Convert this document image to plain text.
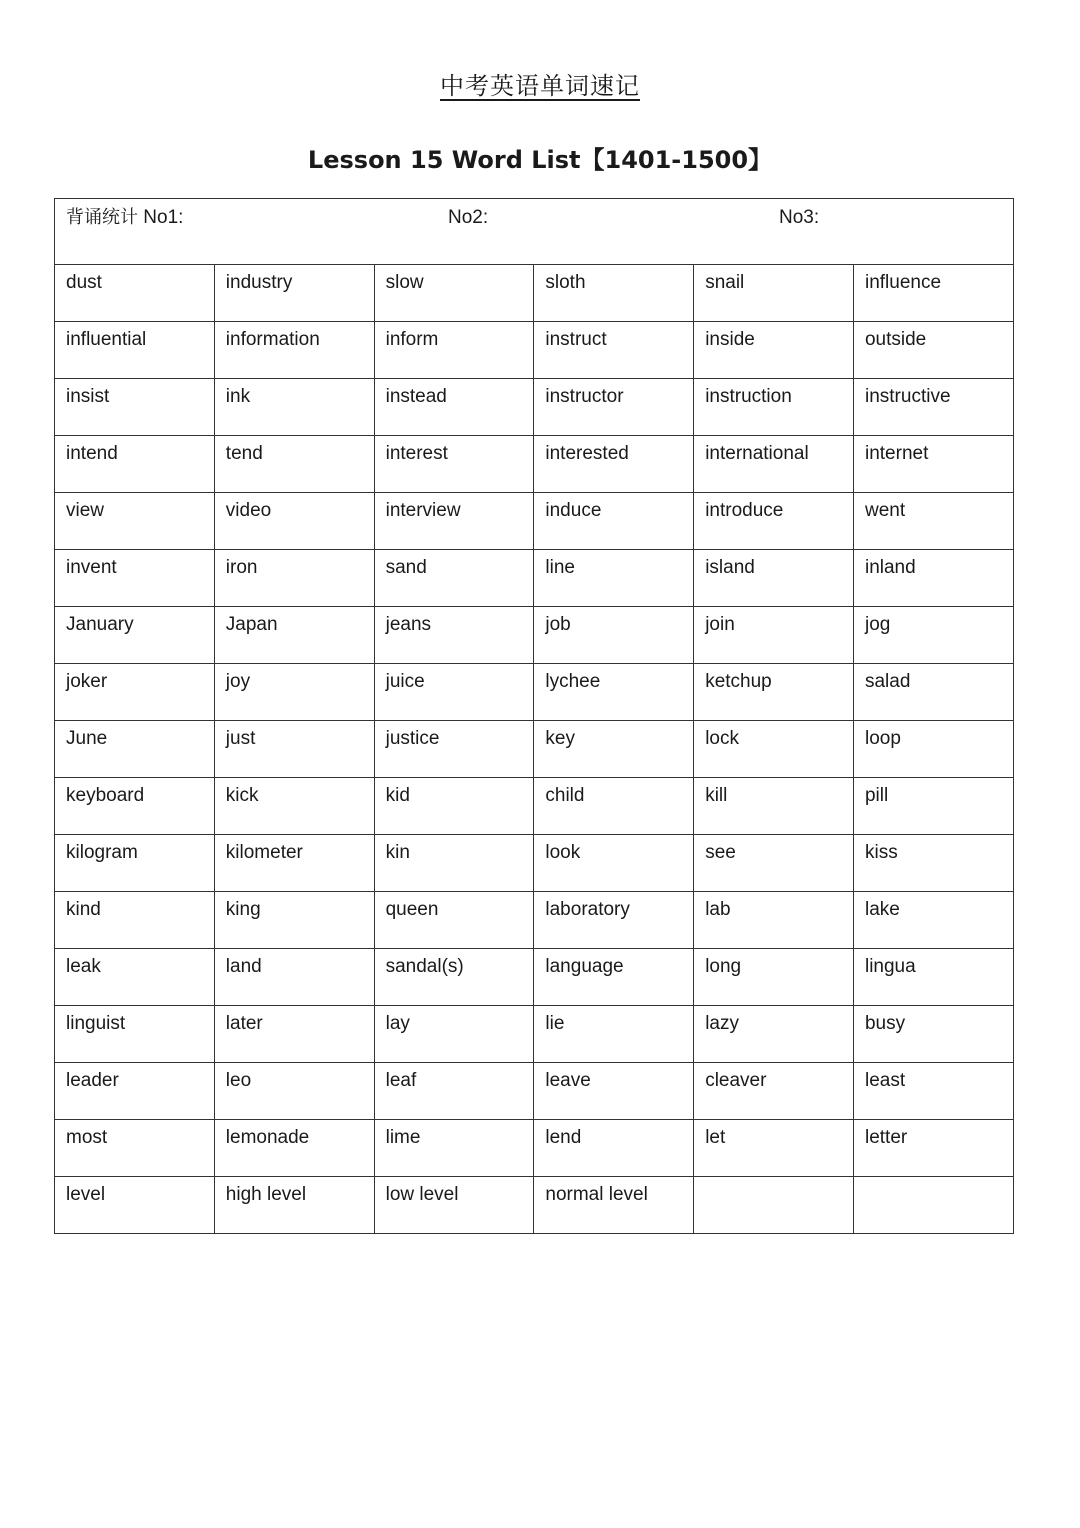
中考英语单词速记
Lesson 15 Word List【1401-1500】
背诵统计 No1: No2: No3:					

dust	industry	slow	sloth	snail	influence
influential	information	inform	instruct	inside	outside
insist	ink	instead	instructor	instruction	instructive
intend	tend	interest	interested	international	internet
view	video	interview	induce	introduce	went
invent	iron	sand	line	island	inland
January	Japan	jeans	job	join	jog
joker	joy	juice	lychee	ketchup	salad
June	just	justice	key	lock	loop
keyboard	kick	kid	child	kill	pill
kilogram	kilometer	kin	look	see	kiss
kind	king	queen	laboratory	lab	lake
leak	land	sandal(s)	language	long	lingua
linguist	later	lay	lie	lazy	busy
leader	leo	leaf	leave	cleaver	least
most	lemonade	lime	lend	let	letter
level	high level	low level	normal level		
